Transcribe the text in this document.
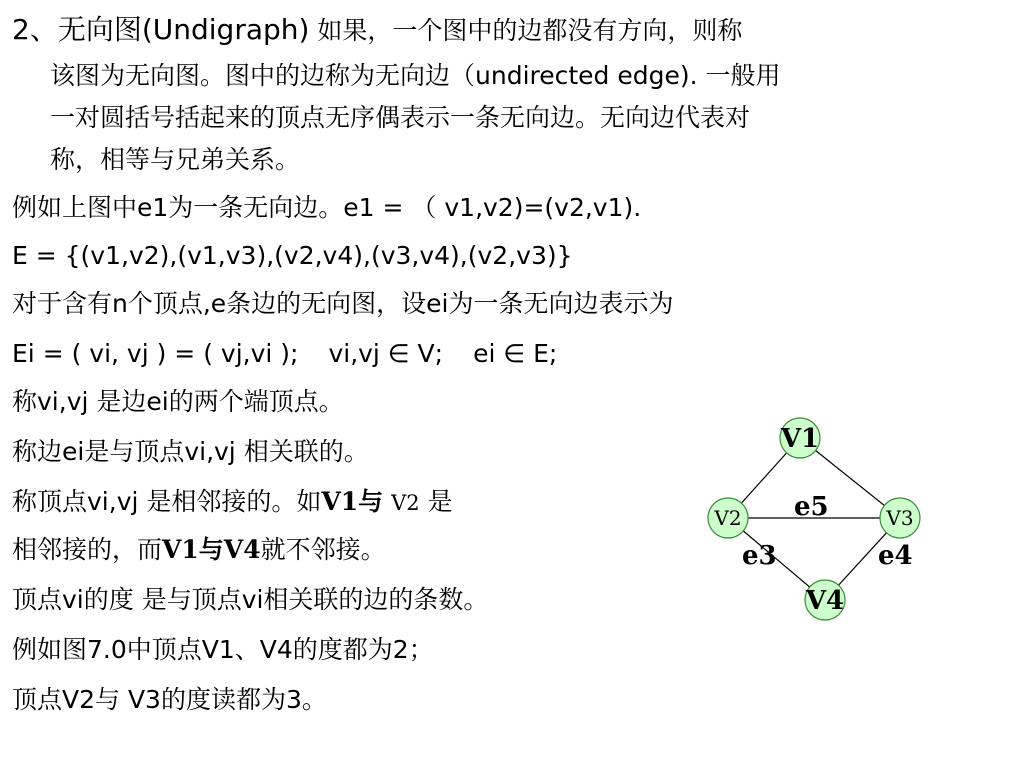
2、无向图(Undigraph) 如果，一个图中的边都没有方向，则称
该图为无向图。图中的边称为无向边（undirected edge). 一般用
一对圆括号括起来的顶点无序偶表示一条无向边。无向边代表对
称，相等与兄弟关系。
例如上图中e1为一条无向边。e1 = （ v1,v2)=(v2,v1).
E = {(v1,v2),(v1,v3),(v2,v4),(v3,v4),(v2,v3)}
对于含有n个顶点,e条边的无向图，设ei为一条无向边表示为
Ei = ( vi, vj ) = ( vj,vi ); vi,vj ∈ V; ei ∈ E;
称vi,vj 是边ei的两个端顶点。
称边ei是与顶点vi,vj 相关联的。
称顶点vi,vj 是相邻接的。如V1与 V2 是
相邻接的，而V1与V4就不邻接。
顶点vi的度 是与顶点vi相关联的边的条数。
例如图7.0中顶点V1、V4的度都为2；
顶点V2与 V3的度读都为3。
e5
e3	e4
V1
V2	V3
V4
